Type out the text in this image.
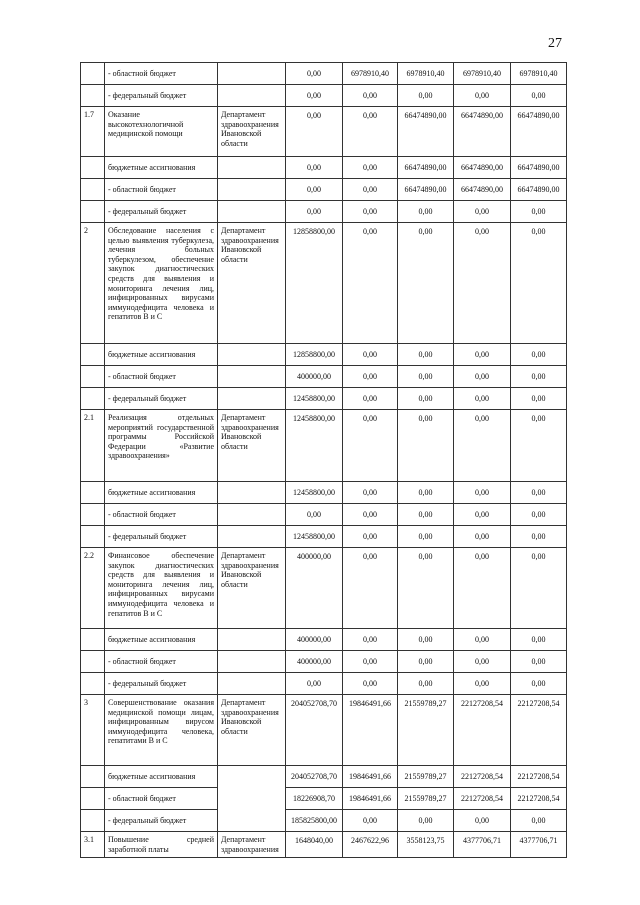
27
	- областной бюджет		0,00	6978910,40	6978910,40	6978910,40	6978910,40
	- федеральный бюджет		0,00	0,00	0,00	0,00	0,00
1.7	Оказание высокотехнологичной медицинской помощи	Департамент здравоохранения Ивановской области	0,00	0,00	66474890,00	66474890,00	66474890,00
	бюджетные ассигнования		0,00	0,00	66474890,00	66474890,00	66474890,00
	- областной бюджет		0,00	0,00	66474890,00	66474890,00	66474890,00
	- федеральный бюджет		0,00	0,00	0,00	0,00	0,00
2	Обследование населения с целью выявления туберкулеза, лечения больных туберкулезом, обеспечение закупок диагностических средств для выявления и мониторинга лечения лиц, инфицированных вирусами иммунодефицита человека и гепатитов В и С	Департамент здравоохранения Ивановской области	12858800,00	0,00	0,00	0,00	0,00
	бюджетные ассигнования		12858800,00	0,00	0,00	0,00	0,00
	- областной бюджет		400000,00	0,00	0,00	0,00	0,00
	- федеральный бюджет		12458800,00	0,00	0,00	0,00	0,00
2.1	Реализация отдельных мероприятий государственной программы Российской Федерации «Развитие здравоохранения»	Департамент здравоохранения Ивановской области	12458800,00	0,00	0,00	0,00	0,00
	бюджетные ассигнования		12458800,00	0,00	0,00	0,00	0,00
	- областной бюджет		0,00	0,00	0,00	0,00	0,00
	- федеральный бюджет		12458800,00	0,00	0,00	0,00	0,00
2.2	Финансовое обеспечение закупок диагностических средств для выявления и мониторинга лечения лиц, инфицированных вирусами иммунодефицита человека и гепатитов В и С	Департамент здравоохранения Ивановской области	400000,00	0,00	0,00	0,00	0,00
	бюджетные ассигнования		400000,00	0,00	0,00	0,00	0,00
	- областной бюджет		400000,00	0,00	0,00	0,00	0,00
	- федеральный бюджет		0,00	0,00	0,00	0,00	0,00
3	Совершенствование оказания медицинской помощи лицам, инфицированным вирусом иммунодефицита человека, гепатитами В и С	Департамент здравоохранения Ивановской области	204052708,70	19846491,66	21559789,27	22127208,54	22127208,54
	бюджетные ассигнования		204052708,70	19846491,66	21559789,27	22127208,54	22127208,54
	- областной бюджет		18226908,70	19846491,66	21559789,27	22127208,54	22127208,54
	- федеральный бюджет		185825800,00	0,00	0,00	0,00	0,00
3.1	Повышение средней заработной платы	Департамент здравоохранения	1648040,00	2467622,96	3558123,75	4377706,71	4377706,71
